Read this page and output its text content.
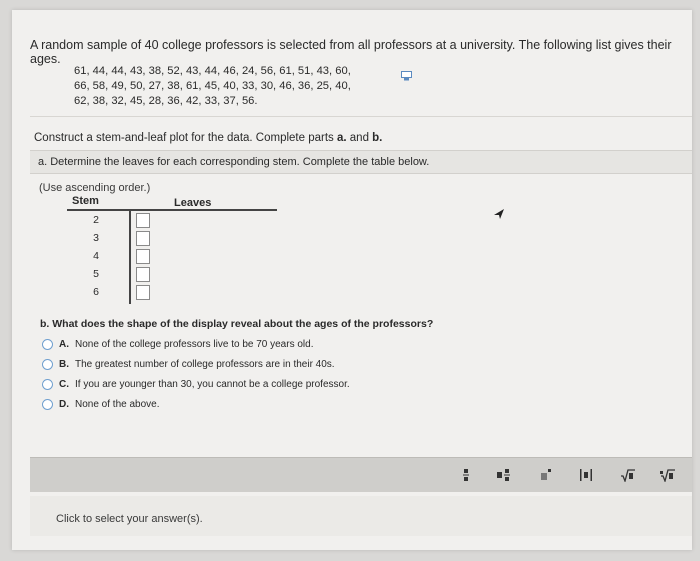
A random sample of 40 college professors is selected from all professors at a university. The following list gives their ages.
61, 44, 44, 43, 38, 52, 43, 44, 46, 24, 56, 61, 51, 43, 60,
66, 58, 49, 50, 27, 38, 61, 45, 40, 33, 30, 46, 36, 25, 40,
62, 38, 32, 45, 28, 36, 42, 33, 37, 56.
Construct a stem-and-leaf plot for the data. Complete parts a. and b.
a. Determine the leaves for each corresponding stem. Complete the table below.
(Use ascending order.)
Stem	Leaves
2
3
4
5
6
b. What does the shape of the display reveal about the ages of the professors?
A. None of the college professors live to be 70 years old.
B. The greatest number of college professors are in their 40s.
C. If you are younger than 30, you cannot be a college professor.
D. None of the above.
Click to select your answer(s).
